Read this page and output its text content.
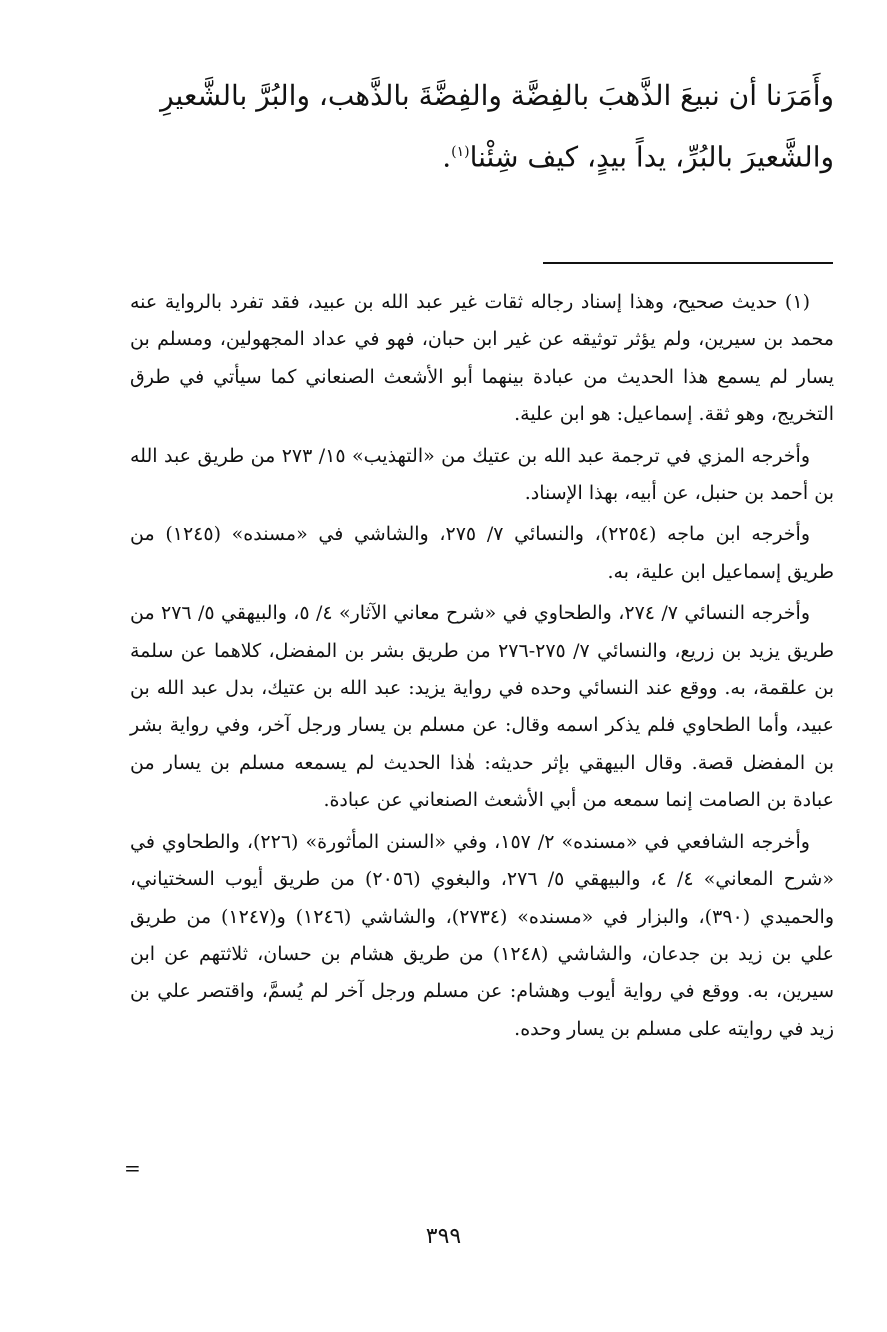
وأَمَرَنا أن نبيعَ الذَّهبَ بالفِضَّة والفِضَّةَ بالذَّهب، والبُرَّ بالشَّعيرِ

والشَّعيرَ بالبُرِّ، يداً بيدٍ، كيف شِئْنا$^{(١)}$.

(١) حديث صحيح، وهذا إسناد رجاله ثقات غير عبد الله بن عبيد، فقد تفرد بالرواية عنه محمد بن سيرين، ولم يؤثر توثيقه عن غير ابن حبان، فهو في عداد المجهولين، ومسلم بن يسار لم يسمع هذا الحديث من عبادة بينهما أبو الأشعث الصنعاني كما سيأتي في طرق التخريج، وهو ثقة. إسماعيل: هو ابن علية.

وأخرجه المزي في ترجمة عبد الله بن عتيك من «التهذيب» ١٥/ ٢٧٣ من طريق عبد الله بن أحمد بن حنبل، عن أبيه، بهذا الإسناد.

وأخرجه ابن ماجه (٢٢٥٤)، والنسائي ٧/ ٢٧٥، والشاشي في «مسنده» (١٢٤٥) من طريق إسماعيل ابن علية، به.

وأخرجه النسائي ٧/ ٢٧٤، والطحاوي في «شرح معاني الآثار» ٤/ ٥، والبيهقي ٥/ ٢٧٦ من طريق يزيد بن زريع، والنسائي ٧/ ٢٧٥-٢٧٦ من طريق بشر بن المفضل، كلاهما عن سلمة بن علقمة، به. ووقع عند النسائي وحده في رواية يزيد: عبد الله بن عتيك، بدل عبد الله بن عبيد، وأما الطحاوي فلم يذكر اسمه وقال: عن مسلم بن يسار ورجل آخر، وفي رواية بشر بن المفضل قصة. وقال البيهقي بإثر حديثه: هٰذا الحديث لم يسمعه مسلم بن يسار من عبادة بن الصامت إنما سمعه من أبي الأشعث الصنعاني عن عبادة.

وأخرجه الشافعي في «مسنده» ٢/ ١٥٧، وفي «السنن المأثورة» (٢٢٦)، والطحاوي في «شرح المعاني» ٤/ ٤، والبيهقي ٥/ ٢٧٦، والبغوي (٢٠٥٦) من طريق أيوب السختياني، والحميدي (٣٩٠)، والبزار في «مسنده» (٢٧٣٤)، والشاشي (١٢٤٦) و(١٢٤٧) من طريق علي بن زيد بن جدعان، والشاشي (١٢٤٨) من طريق هشام بن حسان، ثلاثتهم عن ابن سيرين، به. ووقع في رواية أيوب وهشام: عن مسلم ورجل آخر لم يُسمَّ، واقتصر علي بن زيد في روايته على مسلم بن يسار وحده.

=
٣٩٩
